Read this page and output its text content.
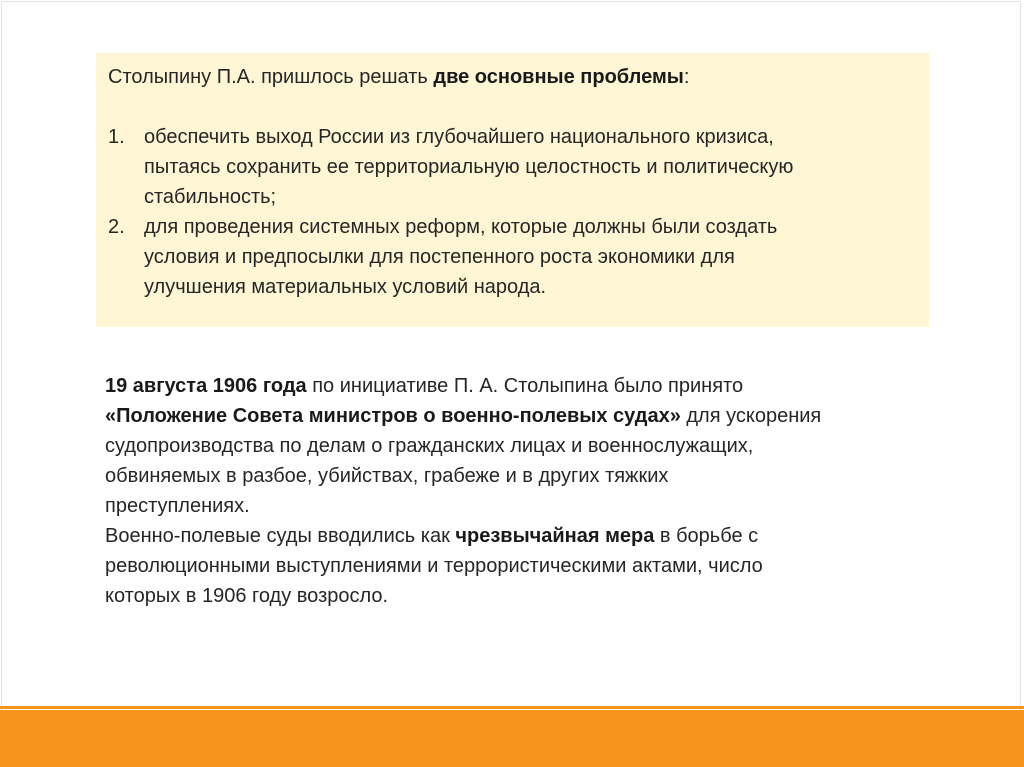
Столыпину П.А. пришлось решать две основные проблемы:

1. обеспечить выход России из глубочайшего национального кризиса,
пытаясь сохранить ее территориальную целостность и политическую
стабильность;
2. для проведения системных реформ, которые должны были создать
условия и предпосылки для постепенного роста экономики для
улучшения материальных условий народа.

19 августа 1906 года по инициативе П. А. Столыпина было принято
«Положение Совета министров о военно-полевых судах» для ускорения
судопроизводства по делам о гражданских лицах и военнослужащих,
обвиняемых в разбое, убийствах, грабеже и в других тяжких
преступлениях.

Военно-полевые суды вводились как чрезвычайная мера в борьбе с
революционными выступлениями и террористическими актами, число
которых в 1906 году возросло.
